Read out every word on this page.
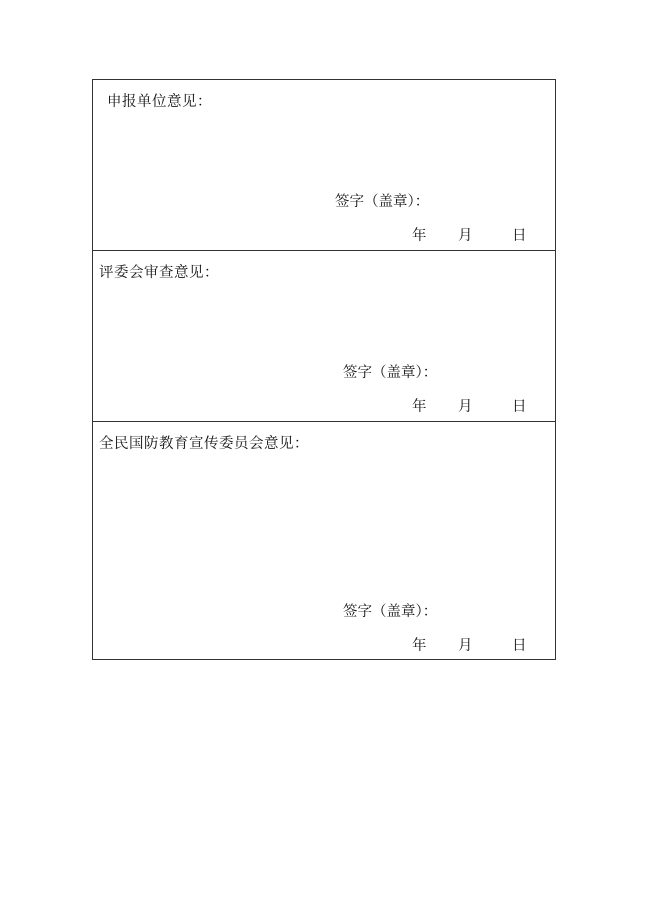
申报单位意见：
签字（盖章）：
年 月	日
评委会审查意见：
签字（盖章）：
年 月	日
全民国防教育宣传委员会意见：
签字（盖章）：
年 月	日
